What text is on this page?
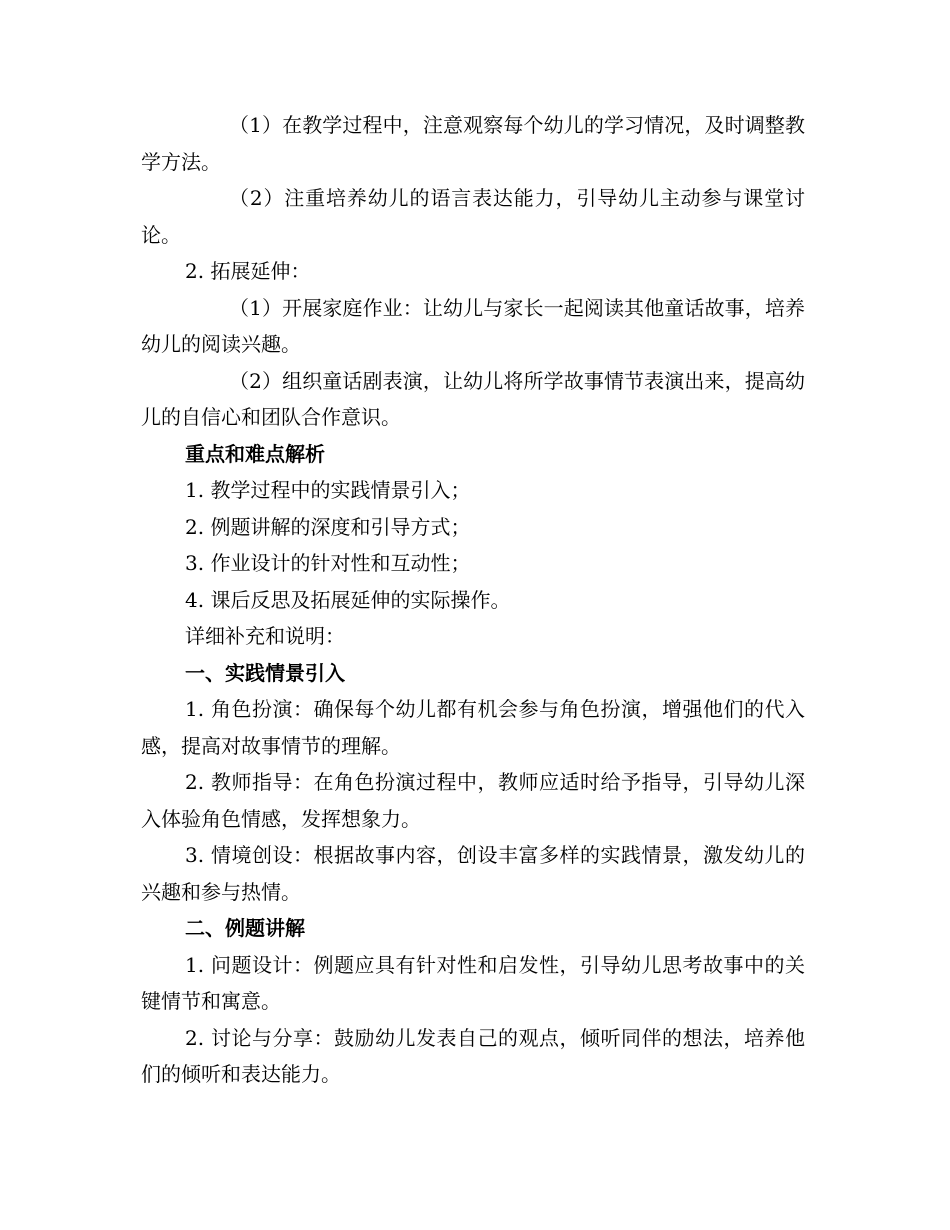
（1）在教学过程中，注意观察每个幼儿的学习情况，及时调整教学方法。

（2）注重培养幼儿的语言表达能力，引导幼儿主动参与课堂讨论。

2. 拓展延伸：

（1）开展家庭作业：让幼儿与家长一起阅读其他童话故事，培养幼儿的阅读兴趣。

（2）组织童话剧表演，让幼儿将所学故事情节表演出来，提高幼儿的自信心和团队合作意识。

重点和难点解析

1. 教学过程中的实践情景引入；

2. 例题讲解的深度和引导方式；

3. 作业设计的针对性和互动性；

4. 课后反思及拓展延伸的实际操作。

详细补充和说明：

一、实践情景引入

1. 角色扮演：确保每个幼儿都有机会参与角色扮演，增强他们的代入感，提高对故事情节的理解。

2. 教师指导：在角色扮演过程中，教师应适时给予指导，引导幼儿深入体验角色情感，发挥想象力。

3. 情境创设：根据故事内容，创设丰富多样的实践情景，激发幼儿的兴趣和参与热情。

二、例题讲解

1. 问题设计：例题应具有针对性和启发性，引导幼儿思考故事中的关键情节和寓意。

2. 讨论与分享：鼓励幼儿发表自己的观点，倾听同伴的想法，培养他们的倾听和表达能力。
